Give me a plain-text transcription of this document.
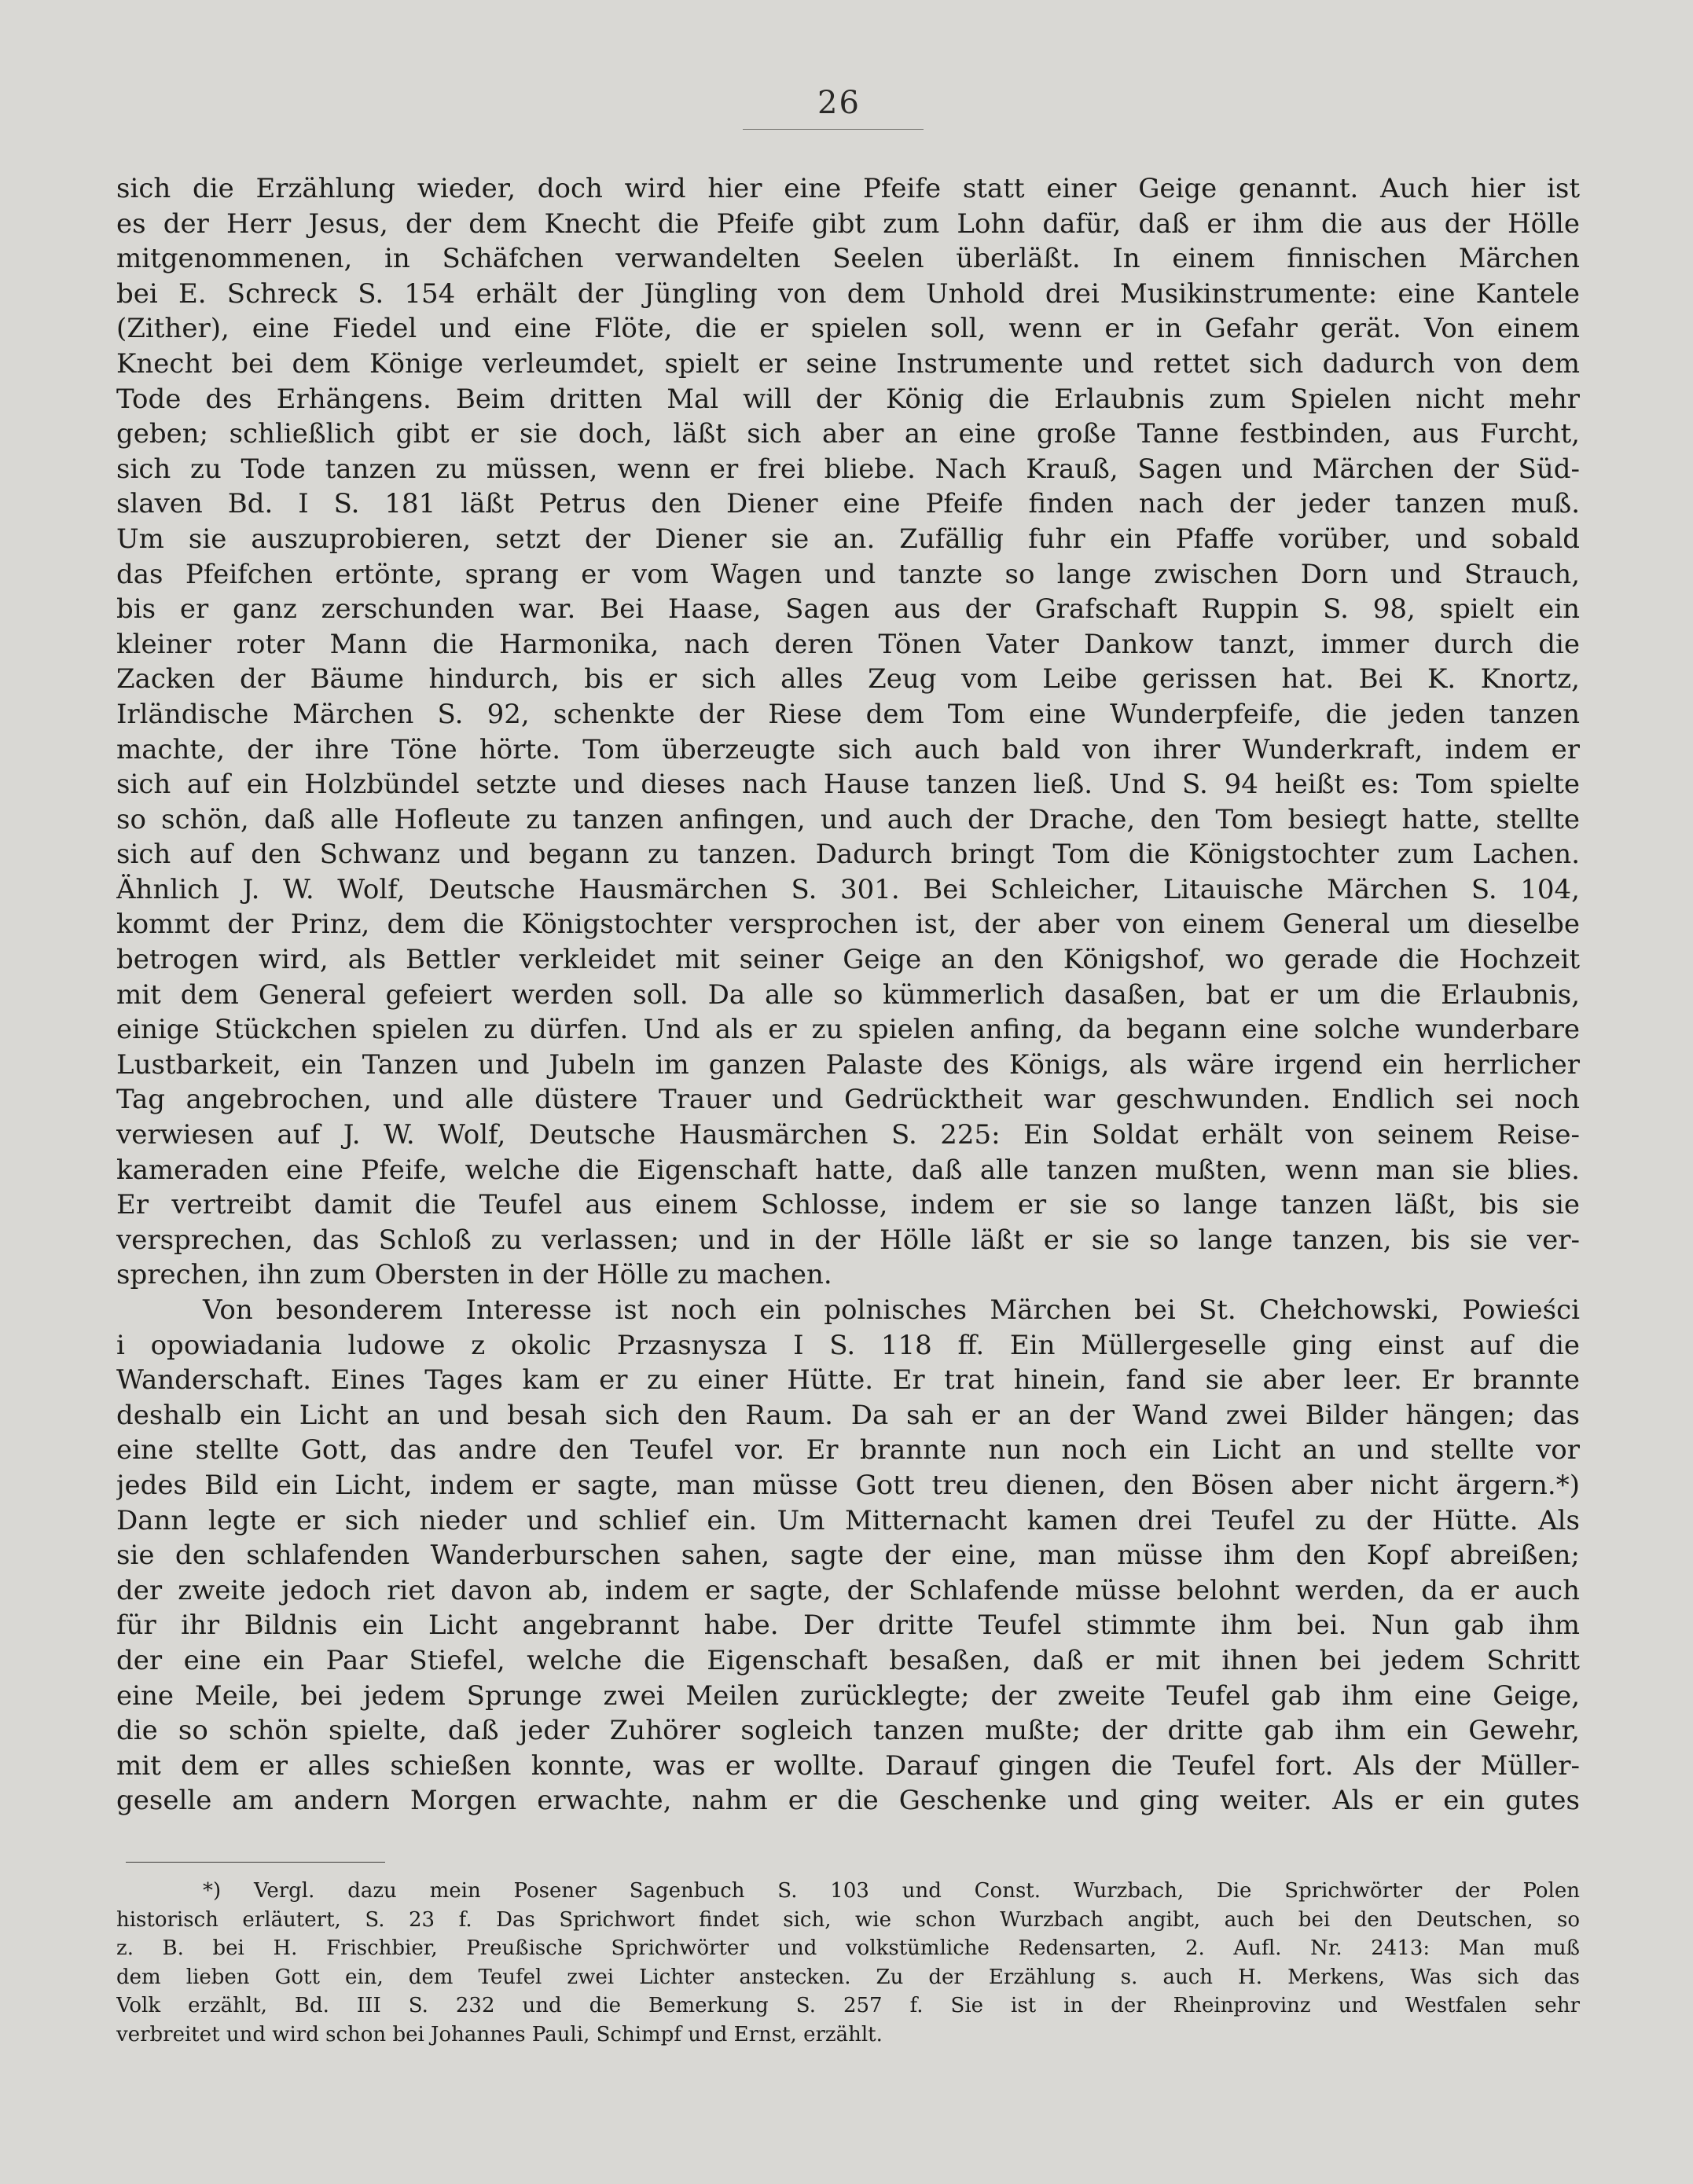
26
sich die Erzählung wieder, doch wird hier eine Pfeife statt einer Geige genannt. Auch hier ist
es der Herr Jesus, der dem Knecht die Pfeife gibt zum Lohn dafür, daß er ihm die aus der Hölle
mitgenommenen, in Schäfchen verwandelten Seelen überläßt. In einem finnischen Märchen
bei E. Schreck S. 154 erhält der Jüngling von dem Unhold drei Musikinstrumente: eine Kantele
(Zither), eine Fiedel und eine Flöte, die er spielen soll, wenn er in Gefahr gerät. Von einem
Knecht bei dem Könige verleumdet, spielt er seine Instrumente und rettet sich dadurch von dem
Tode des Erhängens. Beim dritten Mal will der König die Erlaubnis zum Spielen nicht mehr
geben; schließlich gibt er sie doch, läßt sich aber an eine große Tanne festbinden, aus Furcht,
sich zu Tode tanzen zu müssen, wenn er frei bliebe. Nach Krauß, Sagen und Märchen der Süd-
slaven Bd. I S. 181 läßt Petrus den Diener eine Pfeife finden nach der jeder tanzen muß.
Um sie auszuprobieren, setzt der Diener sie an. Zufällig fuhr ein Pfaffe vorüber, und sobald
das Pfeifchen ertönte, sprang er vom Wagen und tanzte so lange zwischen Dorn und Strauch,
bis er ganz zerschunden war. Bei Haase, Sagen aus der Grafschaft Ruppin S. 98, spielt ein
kleiner roter Mann die Harmonika, nach deren Tönen Vater Dankow tanzt, immer durch die
Zacken der Bäume hindurch, bis er sich alles Zeug vom Leibe gerissen hat. Bei K. Knortz,
Irländische Märchen S. 92, schenkte der Riese dem Tom eine Wunderpfeife, die jeden tanzen
machte, der ihre Töne hörte. Tom überzeugte sich auch bald von ihrer Wunderkraft, indem er
sich auf ein Holzbündel setzte und dieses nach Hause tanzen ließ. Und S. 94 heißt es: Tom spielte
so schön, daß alle Hofleute zu tanzen anfingen, und auch der Drache, den Tom besiegt hatte, stellte
sich auf den Schwanz und begann zu tanzen. Dadurch bringt Tom die Königstochter zum Lachen.
Ähnlich J. W. Wolf, Deutsche Hausmärchen S. 301. Bei Schleicher, Litauische Märchen S. 104,
kommt der Prinz, dem die Königstochter versprochen ist, der aber von einem General um dieselbe
betrogen wird, als Bettler verkleidet mit seiner Geige an den Königshof, wo gerade die Hochzeit
mit dem General gefeiert werden soll. Da alle so kümmerlich dasaßen, bat er um die Erlaubnis,
einige Stückchen spielen zu dürfen. Und als er zu spielen anfing, da begann eine solche wunderbare
Lustbarkeit, ein Tanzen und Jubeln im ganzen Palaste des Königs, als wäre irgend ein herrlicher
Tag angebrochen, und alle düstere Trauer und Gedrücktheit war geschwunden. Endlich sei noch
verwiesen auf J. W. Wolf, Deutsche Hausmärchen S. 225: Ein Soldat erhält von seinem Reise-
kameraden eine Pfeife, welche die Eigenschaft hatte, daß alle tanzen mußten, wenn man sie blies.
Er vertreibt damit die Teufel aus einem Schlosse, indem er sie so lange tanzen läßt, bis sie
versprechen, das Schloß zu verlassen; und in der Hölle läßt er sie so lange tanzen, bis sie ver-
sprechen, ihn zum Obersten in der Hölle zu machen.
Von besonderem Interesse ist noch ein polnisches Märchen bei St. Chełchowski, Powieści
i opowiadania ludowe z okolic Przasnysza I S. 118 ff. Ein Müllergeselle ging einst auf die
Wanderschaft. Eines Tages kam er zu einer Hütte. Er trat hinein, fand sie aber leer. Er brannte
deshalb ein Licht an und besah sich den Raum. Da sah er an der Wand zwei Bilder hängen; das
eine stellte Gott, das andre den Teufel vor. Er brannte nun noch ein Licht an und stellte vor
jedes Bild ein Licht, indem er sagte, man müsse Gott treu dienen, den Bösen aber nicht ärgern.*)
Dann legte er sich nieder und schlief ein. Um Mitternacht kamen drei Teufel zu der Hütte. Als
sie den schlafenden Wanderburschen sahen, sagte der eine, man müsse ihm den Kopf abreißen;
der zweite jedoch riet davon ab, indem er sagte, der Schlafende müsse belohnt werden, da er auch
für ihr Bildnis ein Licht angebrannt habe. Der dritte Teufel stimmte ihm bei. Nun gab ihm
der eine ein Paar Stiefel, welche die Eigenschaft besaßen, daß er mit ihnen bei jedem Schritt
eine Meile, bei jedem Sprunge zwei Meilen zurücklegte; der zweite Teufel gab ihm eine Geige,
die so schön spielte, daß jeder Zuhörer sogleich tanzen mußte; der dritte gab ihm ein Gewehr,
mit dem er alles schießen konnte, was er wollte. Darauf gingen die Teufel fort. Als der Müller-
geselle am andern Morgen erwachte, nahm er die Geschenke und ging weiter. Als er ein gutes
*) Vergl. dazu mein Posener Sagenbuch S. 103 und Const. Wurzbach, Die Sprichwörter der Polen
historisch erläutert, S. 23 f. Das Sprichwort findet sich, wie schon Wurzbach angibt, auch bei den Deutschen, so
z. B. bei H. Frischbier, Preußische Sprichwörter und volkstümliche Redensarten, 2. Aufl. Nr. 2413: Man muß
dem lieben Gott ein, dem Teufel zwei Lichter anstecken. Zu der Erzählung s. auch H. Merkens, Was sich das
Volk erzählt, Bd. III S. 232 und die Bemerkung S. 257 f. Sie ist in der Rheinprovinz und Westfalen sehr
verbreitet und wird schon bei Johannes Pauli, Schimpf und Ernst, erzählt.
